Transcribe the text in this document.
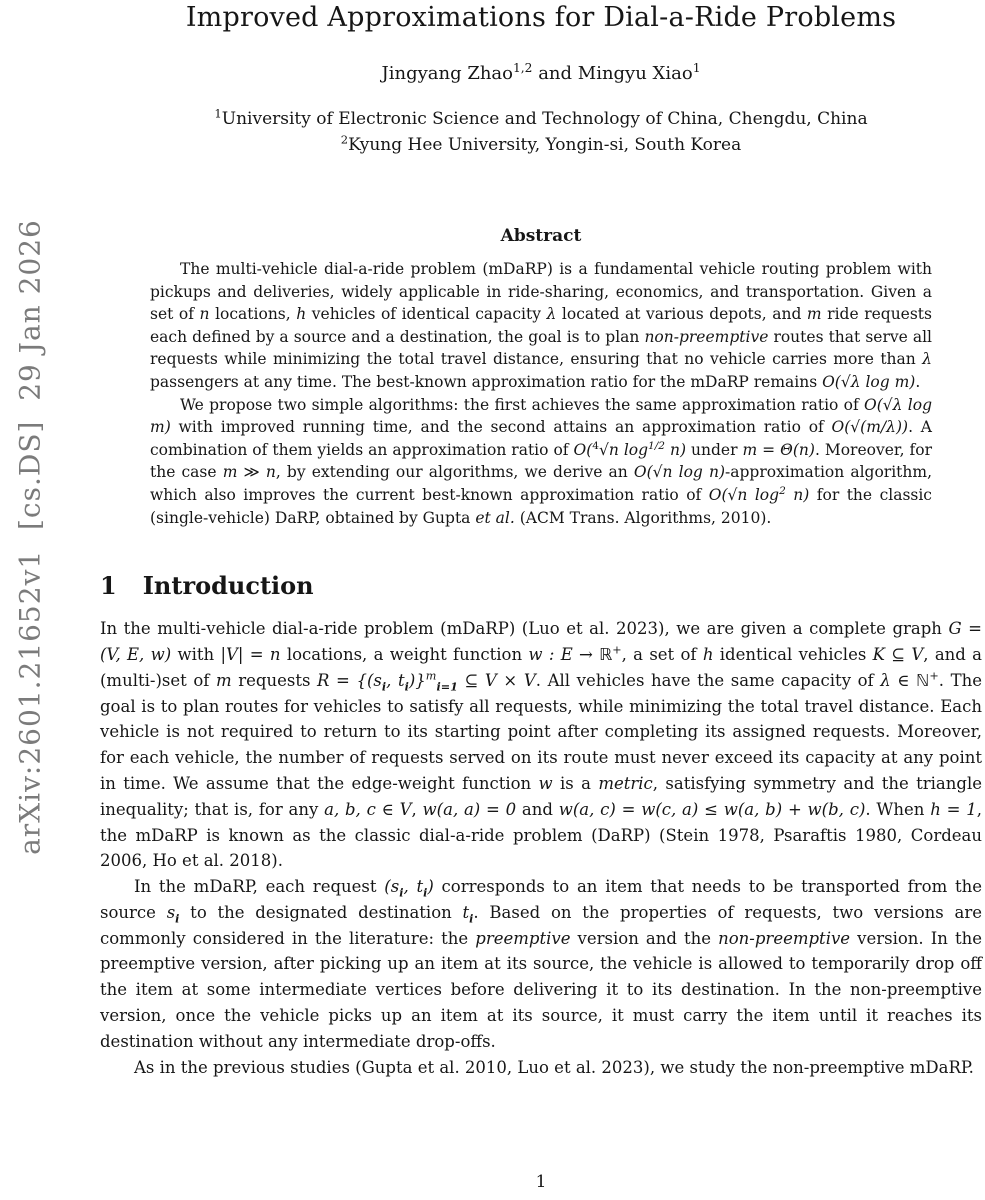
arXiv:2601.21652v1  [cs.DS]  29 Jan 2026
Improved Approximations for Dial-a-Ride Problems
Jingyang Zhao$^{1,2}$ and Mingyu Xiao$^1$
$^1$University of Electronic Science and Technology of China, Chengdu, China
$^2$Kyung Hee University, Yongin-si, South Korea
Abstract

The multi-vehicle dial-a-ride problem (mDaRP) is a fundamental vehicle routing problem with pickups and deliveries, widely applicable in ride-sharing, economics, and transportation. Given a set of n locations, h vehicles of identical capacity λ located at various depots, and m ride requests each defined by a source and a destination, the goal is to plan non-preemptive routes that serve all requests while minimizing the total travel distance, ensuring that no vehicle carries more than λ passengers at any time. The best-known approximation ratio for the mDaRP remains O(√λ log m).

We propose two simple algorithms: the first achieves the same approximation ratio of O(√λ log m) with improved running time, and the second attains an approximation ratio of O(√(m/λ)). A combination of them yields an approximation ratio of O($^4$√n $\log^{1/2} n$) under m = Θ(n). Moreover, for the case m ≫ n, by extending our algorithms, we derive an O(√n log n)-approximation algorithm, which also improves the current best-known approximation ratio of O(√n $\log^2 n$) for the classic (single-vehicle) DaRP, obtained by Gupta et al. (ACM Trans. Algorithms, 2010).

1 Introduction

In the multi-vehicle dial-a-ride problem (mDaRP) (Luo et al. 2023), we are given a complete graph G = (V, E, w) with |V| = n locations, a weight function w : E → ℝ+, a set of h identical vehicles K ⊆ V, and a (multi-)set of m requests $R = \{(s_i$, $t_i)\}^m_{i=1}$ ⊆ V × V. All vehicles have the same capacity of λ ∈ ℕ+. The goal is to plan routes for vehicles to satisfy all requests, while minimizing the total travel distance. Each vehicle is not required to return to its starting point after completing its assigned requests. Moreover, for each vehicle, the number of requests served on its route must never exceed its capacity at any point in time. We assume that the edge-weight function w is a metric, satisfying symmetry and the triangle inequality; that is, for any a, b, c ∈ V, w(a, a) = 0 and w(a, c) = w(c, a) ≤ w(a, b) + w(b, c). When h = 1, the mDaRP is known as the classic dial-a-ride problem (DaRP) (Stein 1978, Psaraftis 1980, Cordeau 2006, Ho et al. 2018).

In the mDaRP, each request ($s_i$, $t_i$) corresponds to an item that needs to be transported from the source $s_i$ to the designated destination $t_i$. Based on the properties of requests, two versions are commonly considered in the literature: the preemptive version and the non-preemptive version. In the preemptive version, after picking up an item at its source, the vehicle is allowed to temporarily drop off the item at some intermediate vertices before delivering it to its destination. In the non-preemptive version, once the vehicle picks up an item at its source, it must carry the item until it reaches its destination without any intermediate drop-offs.

As in the previous studies (Gupta et al. 2010, Luo et al. 2023), we study the non-preemptive mDaRP.

1
